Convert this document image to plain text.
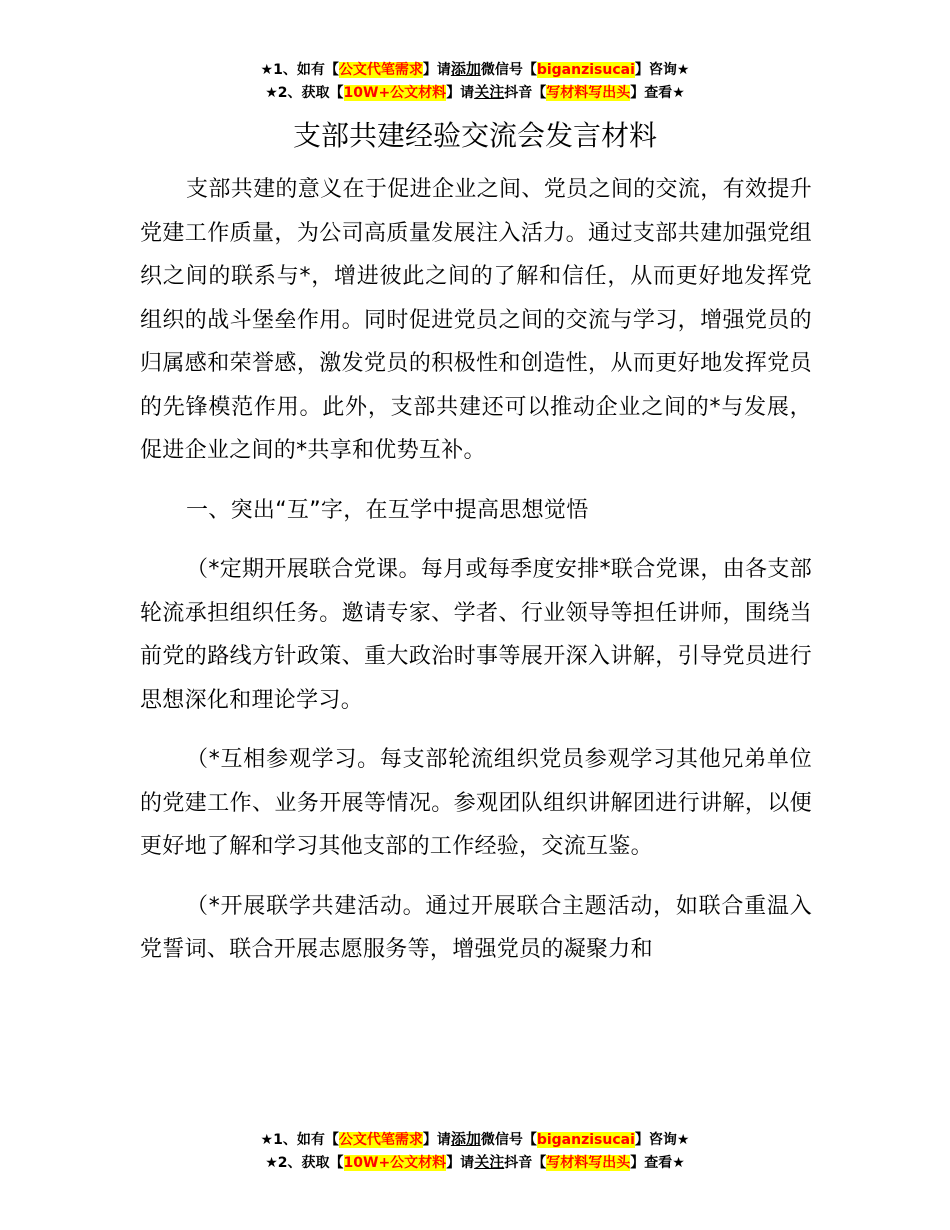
★1、如有【公文代笔需求】请添加微信号【biganzisucai】咨询★
★2、获取【10W+公文材料】请关注抖音【写材料写出头】查看★
支部共建经验交流会发言材料

支部共建的意义在于促进企业之间、党员之间的交流，有效提升党建工作质量，为公司高质量发展注入活力。通过支部共建加强党组织之间的联系与*，增进彼此之间的了解和信任，从而更好地发挥党组织的战斗堡垒作用。同时促进党员之间的交流与学习，增强党员的归属感和荣誉感，激发党员的积极性和创造性，从而更好地发挥党员的先锋模范作用。此外，支部共建还可以推动企业之间的*与发展，促进企业之间的*共享和优势互补。

一、突出“互”字，在互学中提高思想觉悟

（*定期开展联合党课。每月或每季度安排*联合党课，由各支部轮流承担组织任务。邀请专家、学者、行业领导等担任讲师，围绕当前党的路线方针政策、重大政治时事等展开深入讲解，引导党员进行思想深化和理论学习。

（*互相参观学习。每支部轮流组织党员参观学习其他兄弟单位的党建工作、业务开展等情况。参观团队组织讲解团进行讲解，以便更好地了解和学习其他支部的工作经验，交流互鉴。

（*开展联学共建活动。通过开展联合主题活动，如联合重温入党誓词、联合开展志愿服务等，增强党员的凝聚力和

★1、如有【公文代笔需求】请添加微信号【biganzisucai】咨询★
★2、获取【10W+公文材料】请关注抖音【写材料写出头】查看★
